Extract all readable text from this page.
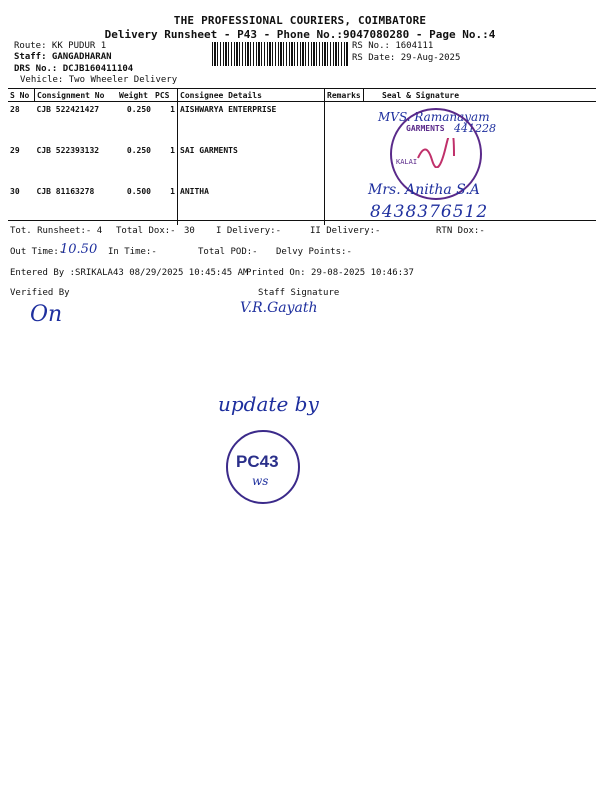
THE PROFESSIONAL COURIERS, COIMBATORE
Delivery Runsheet - P43 - Phone No.:9047080280 - Page No.:4
Route: KK PUDUR 1
Staff: GANGADHARAN
DRS No.: DCJB160411104
Vehicle: Two Wheeler Delivery
RS No.: 1604111
RS Date: 29-Aug-2025
S No	Consignment No	Weight	PCS	Consignee Details	Remarks	Seal & Signature
28	CJB 522421427	0.250	1	AISHWARYA ENTERPRISE		
29	CJB 522393132	0.250	1	SAI GARMENTS		
30	CJB 81163278	0.500	1	ANITHA		
MVS. Ramanayam
441228
GARMENTS
KALAI
Mrs. Anitha S.A
8438376512
Tot. Runsheet:- 4 Total Dox:- 30 I Delivery:-	II Delivery:-	RTN Dox:-
Out Time:-
10.50 In Time:-	Total POD:- Delvy Points:-
Entered By :SRIKALA43 08/29/2025 10:45:45 AM
Printed On: 29-08-2025 10:46:37
Verified By	Staff Signature
On	V.R.Gayath
update by
PC43
ws
